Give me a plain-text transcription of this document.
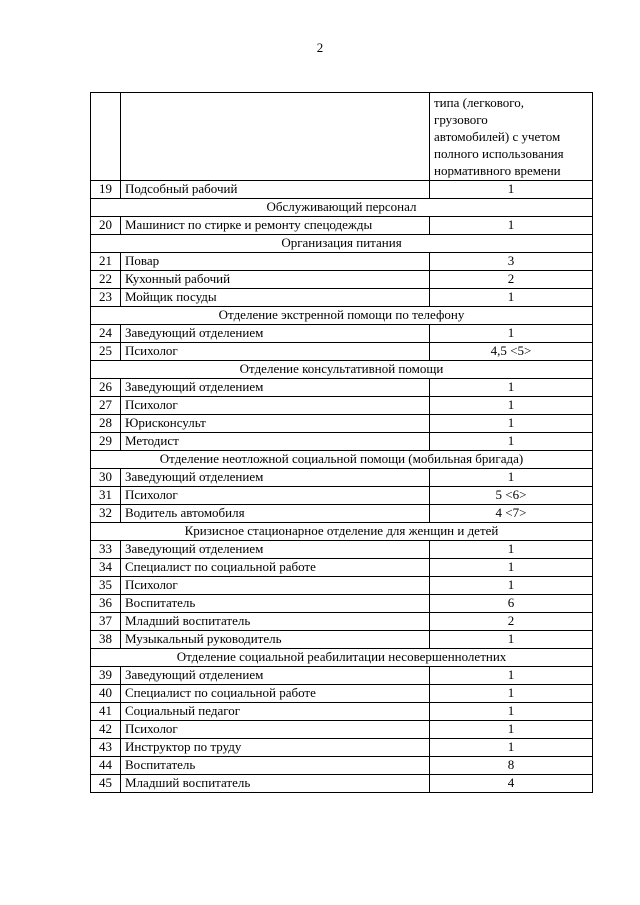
2
		типа (легкового,
грузового
автомобилей) с учетом
полного использования
нормативного времени
19	Подсобный рабочий	1
Обслуживающий персонал		
20	Машинист по стирке и ремонту спецодежды	1
Организация питания		
21	Повар	3
22	Кухонный рабочий	2
23	Мойщик посуды	1
Отделение экстренной помощи по телефону		
24	Заведующий отделением	1
25	Психолог	4,5 <5>
Отделение консультативной помощи		
26	Заведующий отделением	1
27	Психолог	1
28	Юрисконсульт	1
29	Методист	1
Отделение неотложной социальной помощи (мобильная бригада)		
30	Заведующий отделением	1
31	Психолог	5 <6>
32	Водитель автомобиля	4 <7>
Кризисное стационарное отделение для женщин и детей		
33	Заведующий отделением	1
34	Специалист по социальной работе	1
35	Психолог	1
36	Воспитатель	6
37	Младший воспитатель	2
38	Музыкальный руководитель	1
Отделение социальной реабилитации несовершеннолетних		
39	Заведующий отделением	1
40	Специалист по социальной работе	1
41	Социальный педагог	1
42	Психолог	1
43	Инструктор по труду	1
44	Воспитатель	8
45	Младший воспитатель	4
